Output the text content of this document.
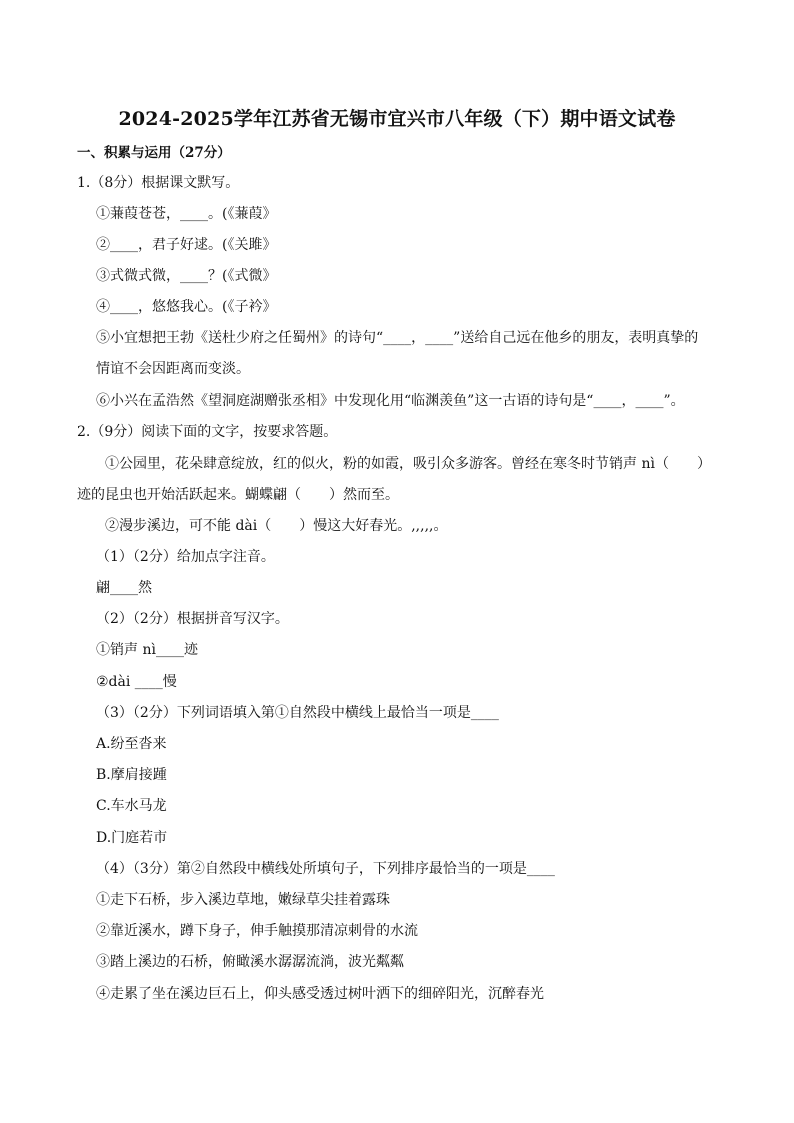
2024-2025学年江苏省无锡市宜兴市八年级（下）期中语文试卷
一、积累与运用（27分）
1.（8分）根据课文默写。
①蒹葭苍苍，____。(《蒹葭》
②____，君子好逑。(《关雎》
③式微式微，____？(《式微》
④____，悠悠我心。(《子衿》
⑤小宜想把王勃《送杜少府之任蜀州》的诗句“____，____”送给自己远在他乡的朋友，表明真挚的
情谊不会因距离而变淡。
⑥小兴在孟浩然《望洞庭湖赠张丞相》中发现化用“临渊羡鱼”这一古语的诗句是“____，____”。
2.（9分）阅读下面的文字，按要求答题。
①公园里，花朵肆意绽放，红的似火，粉的如霞，吸引众多游客。曾经在寒冬时节销声 nì（　　）
迹的昆虫也开始活跃起来。蝴蝶翩（　　）然而至。
②漫步溪边，可不能 dài（　　）慢这大好春光。,,,,,。
（1）（2分）给加点字注音。
翩____然
（2）（2分）根据拼音写汉字。
①销声 nì____迹
②dài ____慢
（3）（2分）下列词语填入第①自然段中横线上最恰当一项是____
A.纷至沓来
B.摩肩接踵
C.车水马龙
D.门庭若市
（4）（3分）第②自然段中横线处所填句子，下列排序最恰当的一项是____
①走下石桥，步入溪边草地，嫩绿草尖挂着露珠
②靠近溪水，蹲下身子，伸手触摸那清凉刺骨的水流
③踏上溪边的石桥，俯瞰溪水潺潺流淌，波光粼粼
④走累了坐在溪边巨石上，仰头感受透过树叶洒下的细碎阳光，沉醉春光
